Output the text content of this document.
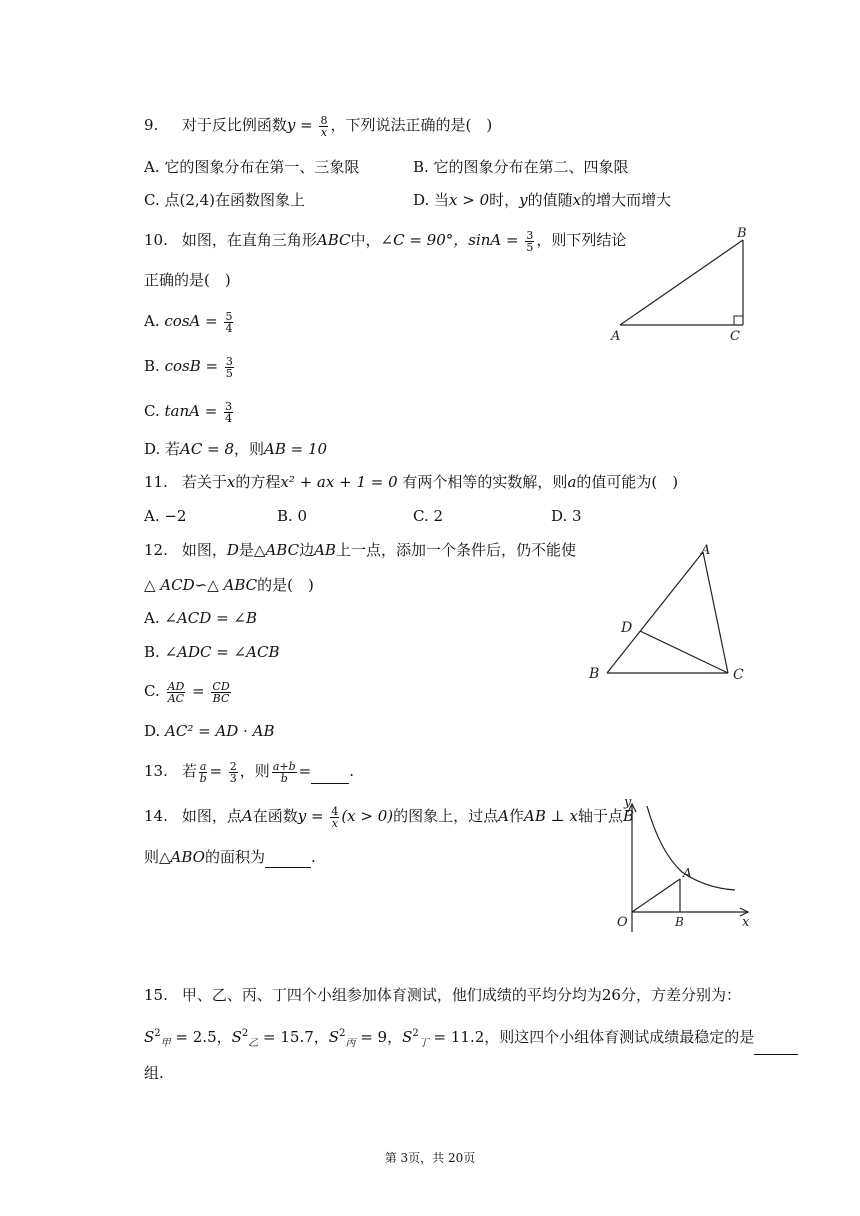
9. 对于反比例函数$y = \frac{8}{x}$ ，下列说法正确的是(　)
A. 它的图象分布在第一、三象限	B. 它的图象分布在第二、四象限
C. 点(2,4)在函数图象上	D. 当x > 0时，y的值随x的增大而增大
10. 如图，在直角三角形ABC中，∠C = 90°，$\sin A = \frac{3}{5}$ ，则下列结论
正确的是(　)
A. $\cos A = \frac{5}{4}$
B. $\cos B = \frac{3}{5}$
C. $\tan A = \frac{3}{4}$
D. 若AC = 8，则AB = 10
B
A	C
11. 若关于x的方程x² + ax + 1 = 0 有两个相等的实数解，则a的值可能为(　)
A. −2	B. 0	C. 2	D. 3
12. 如图，D是△ABC边AB上一点，添加一个条件后，仍不能使
△ ACD∽△ ABC的是(　)
A. ∠ACD = ∠B
B. ∠ADC = ∠ACB
C. $\frac{AD}{AC} = \frac{CD}{BC}$
D. AC² = AD · AB
A
D
B	C
13. 若 $\frac{a}{b} = \frac{2}{3}$ ，则 $\frac{a+b}{b}$ =	.
14. 如图，点A在函数$y = \frac{4}{x} (x > 0)$的图象上，过点A作AB ⊥ x轴于点B
则△ABO的面积为	.
y
x
O
A
B
15. 甲、乙、丙、丁四个小组参加体育测试，他们成绩的平均分均为26分，方差分别为：
$S^2_甲 = 2.5$，$S^2_乙 = 15.7$，$S^2_丙 = 9$，$S^2_丁 = 11.2$，则这四个小组体育测试成绩最稳定的是
组.
第 3页，共 20页
